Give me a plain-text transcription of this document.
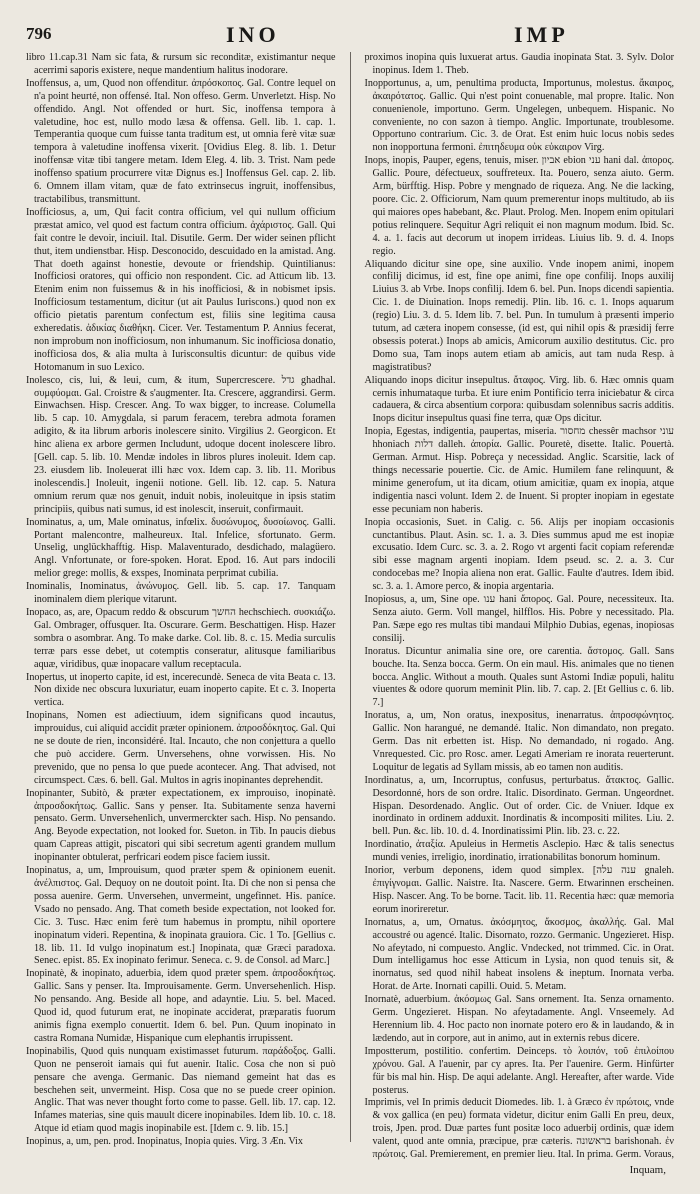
796	INO	IMP

libro 11.cap.31 Nam sic fata, & rursum sic reconditæ, existimantur neque acerrimi saporis existere, neque mandentium halitus inodorare.

Inoffensus, a, um, Quod non offenditur. ἀπρόσκοπος. Gal. Contre lequel on n'a point heurté, non offensé. Ital. Non offeso. Germ. Unverletzt. Hisp. No offendido. Angl. Not offended or hurt. Sic, inoffensa tempora à valetudine, hoc est, nullo modo læsa & offensa. Gell. lib. 1. cap. 1. Temperantia quoque cum fuisse tanta traditum est, ut omnia ferè vitæ suæ tempora à valetudine inoffensa vixerit. [Ovidius Eleg. 8. lib. 1. Detur inoffensæ vitæ tibi tangere metam. Idem Eleg. 4. lib. 3. Trist. Nam pede inoffenso spatium procurrere vitæ Dignus es.] Inoffensus Gel. cap. 2. lib. 6. Omnem illam vitam, quæ de fato extrinsecus ingruit, inoffensibus, tractabilibus, transmittunt.

Inofficiosus, a, um, Qui facit contra officium, vel qui nullum officium præstat amico, vel quod est factum contra officium. ἀχάριστος. Gall. Qui fait contre le devoir, inciuil. Ital. Disutile. Germ. Der wider seinen pflicht thut, item undienstbar. Hisp. Desconocido, descuidado en la amistad. Ang. That doeth against honestie, devoute or friendship. Quintilianus: Inofficiosi oratores, qui officio non respondent. Cic. ad Atticum lib. 13. Etenim enim non fuissemus & in his inofficiosi, & in nobismet ipsis. Inofficiosum testamentum, dicitur (ut ait Paulus Iuriscons.) quod non ex officio pietatis parentum confectum est, filiis sine legitima causa exheredatis. ἀδικίας διαθήκη. Cicer. Ver. Testamentum P. Annius fecerat, non improbum non inofficiosum, non inhumanum. Sic inofficiosa donatio, inofficiosa dos, & alia multa à Iurisconsultis dicuntur: de quibus vide Hotomanum in suo Lexico.

Inolesco, cis, lui, & leui, cum, & itum, Supercrescere. גדל ghadhal. συμφύομαι. Gal. Croistre & s'augmenter. Ita. Crescere, aggrandirsi. Germ. Einwachsen. Hisp. Crescer. Ang. To wax bigger, to increase. Columella lib. 5 cap. 10. Amygdala, si parum feracem, terebra admota foramen adigito, & ita librum arboris inolescere sinito. Virgilius 2. Georgicon. Et hinc aliena ex arbore germen Includunt, udoque docent inolescere libro. [Gell. cap. 5. lib. 10. Mendæ indoles in libros plures inoleuit. Idem cap. 23. eiusdem lib. Inoleuerat illi hæc vox. Idem cap. 3. lib. 11. Moribus inolescendis.] Inoleuit, ingenii notione. Gell. lib. 12. cap. 5. Natura omnium rerum quæ nos genuit, induit nobis, inoleuitque in ipsis statim principiis, quibus nati sumus, id est inolescit, inseruit, confirmauit.

Inominatus, a, um, Male ominatus, infœlix. δυσώνυμος, δυσοίωνος. Galli. Portant malencontre, malheureux. Ital. Infelice, sfortunato. Germ. Unselig, unglückhafftig. Hisp. Malaventurado, desdichado, malagüero. Angl. Vnfortunate, or fore-spoken. Horat. Epod. 16. Aut pars indocili melior grege: mollis, & exspes, Inominata perprimat cubilia.

Inominalis, Inominatus, ἀνώνυμος. Gell. lib. 5. cap. 17. Tanquam inominalem diem plerique vitarunt.

Inopaco, as, are, Opacum reddo & obscurum החשך hechschiech. συσκιάζω. Gal. Ombrager, offusquer. Ita. Oscurare. Germ. Beschattigen. Hisp. Hazer sombra o asombrar. Ang. To make darke. Col. lib. 8. c. 15. Media surculis terræ pars esse debet, ut cotemptis conseratur, alitusque familiaribus aquæ, viridibus, quæ inopacare vallum receptacula.

Inopertus, ut inoperto capite, id est, incerecundè. Seneca de vita Beata c. 13. Non dixide nec obscura luxuriatur, euam inoperto capite. Et c. 3. Inoperta vertica.

Inopinans, Nomen est adiectiuum, idem significans quod incautus, improuidus, cui aliquid accidit præter opinionem. ἀπροσδόκητος. Gal. Qui ne se doute de rien, inconsidéré. Ital. Incauto, che non conjettura a quello che può accidere. Germ. Unversehens, ohne vorwissen. His. No prevenido, que no pensa lo que puede acontecer. Ang. That advised, not circumspect. Cæs. 6. bell. Gal. Multos in agris inopinantes deprehendit.

Inopinanter, Subitò, & præter expectationem, ex improuiso, inopinatè. ἀπροσδοκήτως. Gallic. Sans y penser. Ita. Subitamente senza haverni pensato. Germ. Unversehenlich, unvermerckter sach. Hisp. No pensando. Ang. Beyode expectation, not looked for. Sueton. in Tib. In paucis diebus quam Capreas attigit, piscatori qui sibi secretum agenti grandem mullum inopinanter obtulerat, perfricari eodem pisce faciem iussit.

Inopinatus, a, um, Improuisum, quod præter spem & opinionem euenit. ἀνέλπιστος. Gal. Dequoy on ne doutoit point. Ita. Di che non si pensa che possa auenire. Germ. Unversehen, unvermeint, ungefinnet. His. paníce. Vsado no pensado. Ang. That cometh beside expectation, not looked for. Cic. 3. Tusc. Hæc enim ferè tum habemus in promptu, nihil oportere inopinatum videri. Repentina, & inopinata grauiora. Cic. 1 To. [Gellius c. 18. lib. 11. Id vulgo inopinatum est.] Inopinata, quæ Græci paradoxa. Senec. epist. 85. Ex inopinato ferimur. Seneca. c. 9. de Consol. ad Marc.]

Inopinatè, & inopinato, aduerbia, idem quod præter spem. ἀπροσδοκήτως. Gallic. Sans y penser. Ita. Improuisamente. Germ. Unversehenlich. Hisp. No pensando. Ang. Beside all hope, and adayntie. Liu. 5. bel. Maced. Quod id, quod futurum erat, ne inopinate acciderat, præparatis fuorum animis figna exemplo conuertit. Idem 6. bel. Pun. Quum inopinato in castra Romana Numidæ, Hispanique cum elephantis irrupissent.

Inopinabilis, Quod quis nunquam existimasset futurum. παράδοξος. Galli. Quon ne penseroit iamais qui fut auenir. Italic. Cosa che non si può pensare che avenga. Germanic. Das niemand gemeint hat das es beschehen seit, unvermeint. Hisp. Cosa que no se puede creer opinion. Anglic. That was never thought forto come to passe. Gell. lib. 17. cap. 12. Infames materias, sine quis mauult dicere inopinabiles. Idem lib. 10. c. 18. Atque id etiam quod magis inopinabile est. [Idem c. 9. lib. 15.]

Inopinus, a, um, pen. prod. Inopinatus, Inopia quies. Virg. 3 Æn. Vix

proximos inopina quis luxuerat artus. Gaudia inopinata Stat. 3. Sylv. Dolor inopinus. Idem 1. Theb.

Inopportunus, a, um, penultima producta, Importunus, molestus. ἄκαιρος, ἀκαιρότατος. Gallic. Qui n'est point conuenable, mal propre. Italic. Non conuenienole, importuno. Germ. Ungelegen, unbequem. Hispanic. No conveniente, no con sazon à tiempo. Anglic. Importunate, troublesome. Opportuno contrarium. Cic. 3. de Orat. Est enim huic locus nobis sedes non inopportuna fermoni. ἐπιτηδευμα οὐκ εὐκαιρον Virg.

Inops, inopis, Pauper, egens, tenuis, miser. אביון ebion עני hani dal. ἀπορος. Gallic. Poure, défectueux, souffreteux. Ita. Pouero, senza aiuto. Germ. Arm, bürfftig. Hisp. Pobre y mengnado de riqueza. Ang. Ne die lacking, poore. Cic. 2. Officiorum, Nam quum premerentur inops multitudo, ab iis qui maiores opes habebant, &c. Plaut. Prolog. Men. Inopem enim opitulari potius relinquere. Sequitur Agri reliquit ei non magnum modum. Ibid. Sc. 4. a. 1. facis aut decorum ut inopem irrideas. Liuius lib. 9. d. 4. Inops regio.

Aliquando dicitur sine ope, sine auxilio. Vnde inopem animi, inopem confilij dicimus, id est, fine ope animi, fine ope confilij. Inops auxilij Liuius 3. ab Vrbe. Inops confilij. Idem 6. bel. Pun. Inops dicendi sapientia. Cic. 1. de Diuination. Inops remedij. Plin. lib. 16. c. 1. Inops aquarum (regio) Liu. 3. d. 5. Idem lib. 7. bel. Pun. In tumulum à præsenti imperio tutum, ad cætera inopem consesse, (id est, qui nihil opis & præsidij ferre obsessis poterat.) Inops ab amicis, Amicorum auxilio destitutus. Cic. pro Domo sua, Tam inops autem etiam ab amicis, aut tam nuda Resp. à magistratibus?

Aliquando inops dicitur insepultus. ἄταφος. Virg. lib. 6. Hæc omnis quam cernis inhumataque turba. Et iure enim Pontificio terra iniciebatur & circa cadauera, & circa absentium corpora: quibusdam solennibus sacris additis. Inops dicitur insepultus quasi fine terra, quæ Ops dicitur.

Inopia, Egestas, indigentia, paupertas, miseria. מחסור chessêr machsor עוני hhoniach דלות dalleh. ἀπορία. Gallic. Pouretè, disette. Italic. Pouertà. German. Armut. Hisp. Pobreça y necessidad. Anglic. Scarsitie, lack of things necessarie pouertie. Cic. de Amic. Humilem fane relinquunt, & minime generofum, ut ita dicam, otium amicitiæ, quam ex inopia, atque indigentia nasci volunt. Idem 2. de Inuent. Si propter inopiam in egestate esse pecuniam non haberis.

Inopia occasionis, Suet. in Calig. c. 56. Alijs per inopiam occasionis cunctantibus. Plaut. Asin. sc. 1. a. 3. Dies summus apud me est inopiæ excusatio. Idem Curc. sc. 3. a. 2. Rogo vt argenti facit copiam referendæ sibi esse magnam argenti inopiam. Idem pseud. sc. 2. a. 3. Cur condocebas me? Inopia aliena non erat. Gallic. Faulte d'autres. Idem ibid. sc. 3. a. 1. Amore perco, & inopia argentaria.

Inopiosus, a, um, Sine ope. ענו hani ἄπορος. Gal. Poure, necessiteux. Ita. Senza aiuto. Germ. Voll mangel, hilfflos. His. Pobre y necessitado. Pla. Pan. Sæpe ego res multas tibi mandaui Milphio Dubias, egenas, inopiosas consilij.

Inoratus. Dicuntur animalia sine ore, ore carentia. ἄστομος. Gall. Sans bouche. Ita. Senza bocca. Germ. On ein maul. His. animales que no tienen bocca. Anglic. Without a mouth. Quales sunt Astomi Indiæ populi, halitu viuentes & odore quorum meminit Plin. lib. 7. cap. 2. [Et Gellius c. 6. lib. 7.]

Inoratus, a, um, Non oratus, inexpositus, inenarratus. ἀπροσφώνητος. Gallic. Non harangué, ne demandé. Italic. Non dimandato, non pregato. Germ. Das nit erbetten ist. Hisp. No demandado, ni rogado. Ang. Vnrequested. Cic. pro Rosc. amer. Legati Ameriam re inorata reuerterunt. Loquitur de legatis ad Syllam missis, ab eo tamen non auditis.

Inordinatus, a, um, Incorruptus, confusus, perturbatus. ἄτακτος. Gallic. Desordonné, hors de son ordre. Italic. Disordinato. German. Ungeordnet. Hispan. Desordenado. Anglic. Out of order. Cic. de Vniuer. Idque ex inordinato in ordinem adduxit. Inordinatis & incompositi milites. Liu. 2. bell. Pun. &c. lib. 10. d. 4. Inordinatissimi Plin. lib. 23. c. 22.

Inordinatio, ἀταξία. Apuleius in Hermetis Asclepio. Hæc & talis senectus mundi venies, irreligio, inordinatio, irrationabilitas bonorum hominum.

Inorior, verbum deponens, idem quod simplex. [ענה עלה gnaleh. ἐπιγίγνομαι. Gallic. Naistre. Ita. Nascere. Germ. Etwarinnen erscheinen. Hisp. Nascer. Ang. To be borne. Tacit. lib. 11. Recentia hæc: quæ memoria eorum inorireretur.

Inornatus, a, um, Ornatus. ἀκόσμητος, ἄκοσμος, ἀκαλλής. Gal. Mal accoustré ou agencé. Italic. Disornato, rozzo. Germanic. Ungezieret. Hisp. No afeytado, ni compuesto. Anglic. Vndecked, not trimmed. Cic. in Orat. Dum intelligamus hoc esse Atticum in Lysia, non quod tenuis sit, & inornatus, sed quod nihil habeat insolens & ineptum. Inornata verba. Horat. de Arte. Inornati capilli. Ouid. 5. Metam.

Inornatè, aduerbium. ἀκόσμως Gal. Sans ornement. Ita. Senza ornamento. Germ. Ungezieret. Hispan. No afeytadamente. Angl. Vnseemely. Ad Herennium lib. 4. Hoc pacto non inornate potero ero & in laudando, & in lædendo, aut in corpore, aut in animo, aut in externis rebus dicere.

Impostterum, postilitio. confertim. Deinceps. τὸ λοιπόν, τοῦ ἐπιλοίπου χρόνου. Gal. A l'auenir, par cy apres. Ita. Per l'auenire. Germ. Hinfürter für bis mal hin. Hisp. De aqui adelante. Angl. Hereafter, after warde. Vide posterus.

Imprimis, vel In primis deducit Diomedes. lib. 1. à Græco ἐν πρώτοις, vnde & vox gallica (en peu) formata videtur, dicitur enim Galli En preu, deux, trois, Jpen. prod. Duæ partes funt positæ loco aduerbij ordinis, quæ idem valent, quod ante omnia, præcipue, præ cæteris. בראשונה barishonah. ἐν πρώτοις. Gal. Premierement, en premier lieu. Ital. In prima. Germ. Voraus,

Inquam,
